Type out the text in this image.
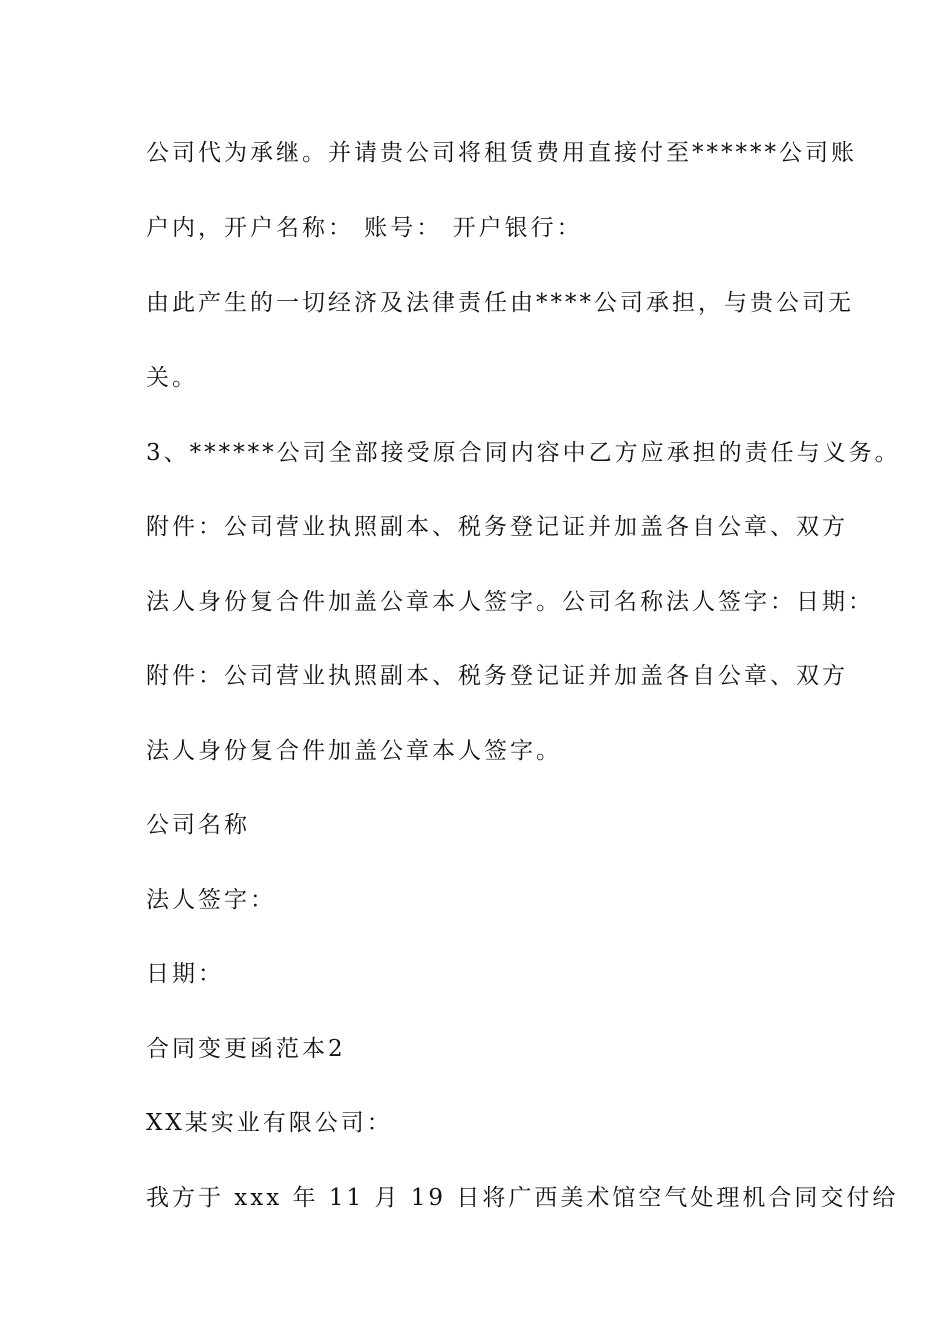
公司代为承继。并请贵公司将租赁费用直接付至******公司账
户内，开户名称： 账号： 开户银行：
由此产生的一切经济及法律责任由****公司承担，与贵公司无
关。
3、******公司全部接受原合同内容中乙方应承担的责任与义务。
附件：公司营业执照副本、税务登记证并加盖各自公章、双方
法人身份复合件加盖公章本人签字。公司名称法人签字：日期：
附件：公司营业执照副本、税务登记证并加盖各自公章、双方
法人身份复合件加盖公章本人签字。
公司名称
法人签字：
日期：
合同变更函范本2
XX某实业有限公司：
我方于 xxx 年 11 月 19 日将广西美术馆空气处理机合同交付给
